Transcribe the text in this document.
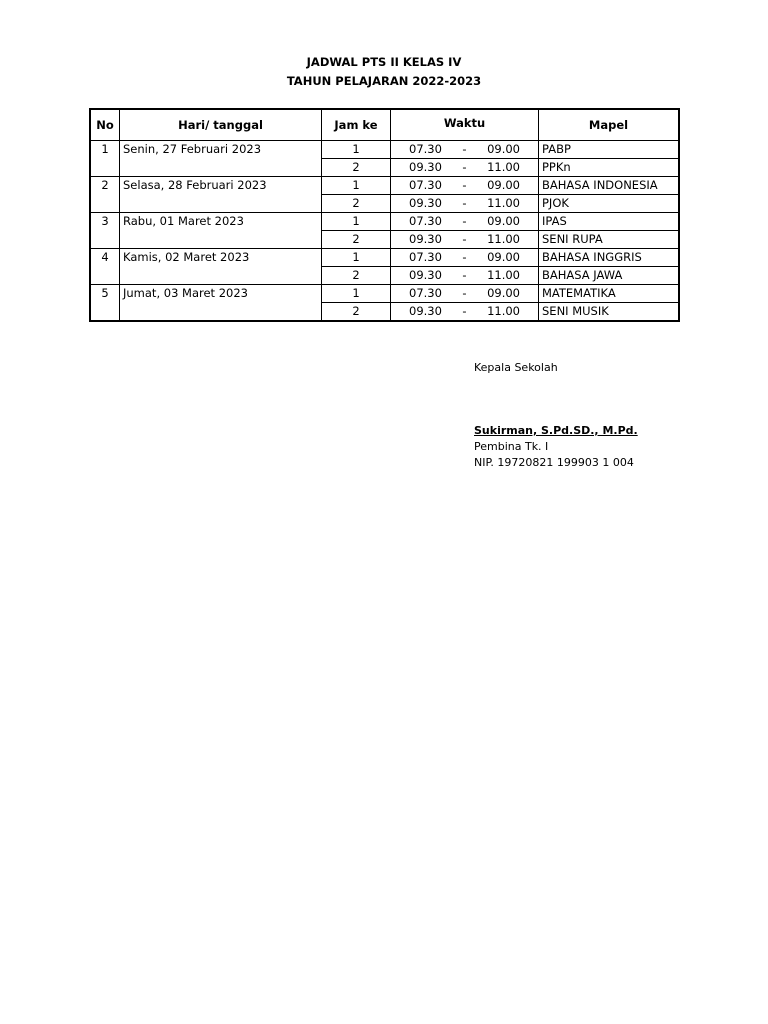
JADWAL PTS II KELAS IV
TAHUN PELAJARAN 2022-2023
No	Hari/ tanggal	Jam ke	Waktu	Mapel
1	Senin, 27 Februari 2023	1	07.30 - 09.00	PABP
		2	09.30 - 11.00	PPKn
2	Selasa, 28 Februari 2023	1	07.30 - 09.00	BAHASA INDONESIA
		2	09.30 - 11.00	PJOK
3	Rabu, 01 Maret 2023	1	07.30 - 09.00	IPAS
		2	09.30 - 11.00	SENI RUPA
4	Kamis, 02 Maret 2023	1	07.30 - 09.00	BAHASA INGGRIS
		2	09.30 - 11.00	BAHASA JAWA
5	Jumat, 03 Maret 2023	1	07.30 - 09.00	MATEMATIKA
		2	09.30 - 11.00	SENI MUSIK
Kepala Sekolah
Sukirman, S.Pd.SD., M.Pd.
Pembina Tk. I
NIP. 19720821 199903 1 004
